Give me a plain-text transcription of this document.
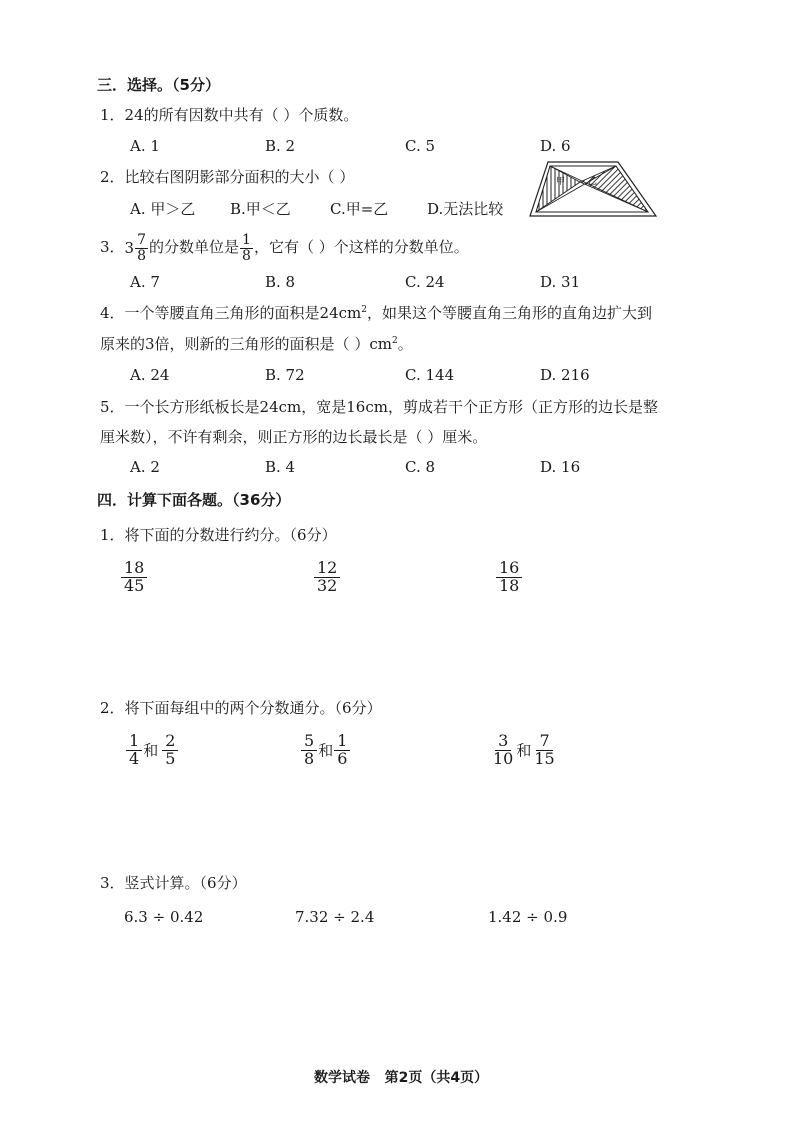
三．选择。（5分）
1．24的所有因数中共有（ ）个质数。
A. 1	B. 2	C. 5	D. 6
2．比较右图阴影部分面积的大小（ ）
A. 甲＞乙 B.甲＜乙	C.甲=乙	D.无法比较
甲	乙
3．$3 \frac{7}{8}$ 的分数单位是 $\frac{1}{8}$ ，它有（ ）个这样的分数单位。
A. 7	B. 8	C. 24	D. 31
4．一个等腰直角三角形的面积是$24cm^2$，如果这个等腰直角三角形的直角边扩大到
原来的3倍，则新的三角形的面积是（ ）$cm^2$。
A. 24	B. 72	C. 144	D. 216
5．一个长方形纸板长是24cm，宽是16cm，剪成若干个正方形（正方形的边长是整
厘米数），不许有剩余，则正方形的边长最长是（ ）厘米。
A. 2	B. 4	C. 8	D. 16
四．计算下面各题。（36分）
1．将下面的分数进行约分。（6分）
$\frac{18}{45}$	$\frac{12}{32}$	$\frac{16}{18}$
2．将下面每组中的两个分数通分。（6分）
$\frac{1}{4}$ 和 $\frac{2}{5}$	$\frac{5}{8}$ 和 $\frac{1}{6}$	$\frac{3}{10}$ 和 $\frac{7}{15}$
3．竖式计算。（6分）
6.3 ÷ 0.42	7.32 ÷ 2.4	1.42 ÷ 0.9
数学试卷   第2页（共4页）
